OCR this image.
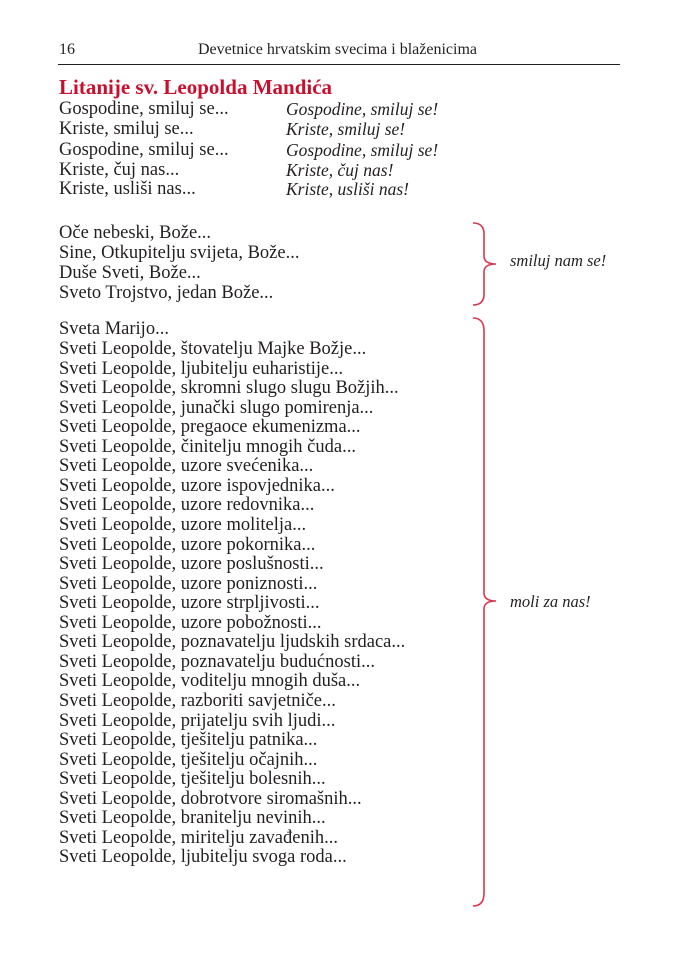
16	Devetnice hrvatskim svecima i blaženicima
Litanije sv. Leopolda Mandića
Gospodine, smiluj se...	Gospodine, smiluj se!
Kriste, smiluj se...	Kriste, smiluj se!
Gospodine, smiluj se...	Gospodine, smiluj se!
Kriste, čuj nas...	Kriste, čuj nas!
Kriste, usliši nas...	Kriste, usliši nas!
Oče nebeski, Bože...
Sine, Otkupitelju svijeta, Bože...
Duše Sveti, Bože...
Sveto Trojstvo, jedan Bože...
smiluj nam se!
Sveta Marijo...
Sveti Leopolde, štovatelju Majke Božje...
Sveti Leopolde, ljubitelju euharistije...
Sveti Leopolde, skromni slugo slugu Božjih...
Sveti Leopolde, junački slugo pomirenja...
Sveti Leopolde, pregaoce ekumenizma...
Sveti Leopolde, činitelju mnogih čuda...
Sveti Leopolde, uzore svećenika...
Sveti Leopolde, uzore ispovjednika...
Sveti Leopolde, uzore redovnika...
Sveti Leopolde, uzore molitelja...
Sveti Leopolde, uzore pokornika...
Sveti Leopolde, uzore poslušnosti...
Sveti Leopolde, uzore poniznosti...
Sveti Leopolde, uzore strpljivosti...
Sveti Leopolde, uzore pobožnosti...
Sveti Leopolde, poznavatelju ljudskih srdaca...
Sveti Leopolde, poznavatelju budućnosti...
Sveti Leopolde, voditelju mnogih duša...
Sveti Leopolde, razboriti savjetniče...
Sveti Leopolde, prijatelju svih ljudi...
Sveti Leopolde, tješitelju patnika...
Sveti Leopolde, tješitelju očajnih...
Sveti Leopolde, tješitelju bolesnih...
Sveti Leopolde, dobrotvore siromašnih...
Sveti Leopolde, branitelju nevinih...
Sveti Leopolde, miritelju zavađenih...
Sveti Leopolde, ljubitelju svoga roda...
moli za nas!
